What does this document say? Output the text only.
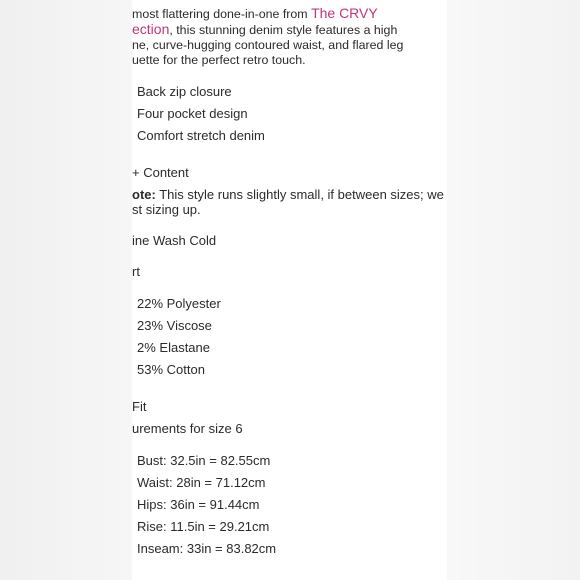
most flattering done-in-one from The CRVY
ection, this stunning denim style features a high
ne, curve-hugging contoured waist, and flared leg
uette for the perfect retro touch.
Back zip closure
Four pocket design
Comfort stretch denim
+ Content
ote: This style runs slightly small, if between sizes; we
st sizing up.
ine Wash Cold
rt
22% Polyester
23% Viscose
2% Elastane
53% Cotton
Fit
urements for size 6
Bust: 32.5in = 82.55cm
Waist: 28in = 71.12cm
Hips: 36in = 91.44cm
Rise: 11.5in = 29.21cm
Inseam: 33in = 83.82cm
